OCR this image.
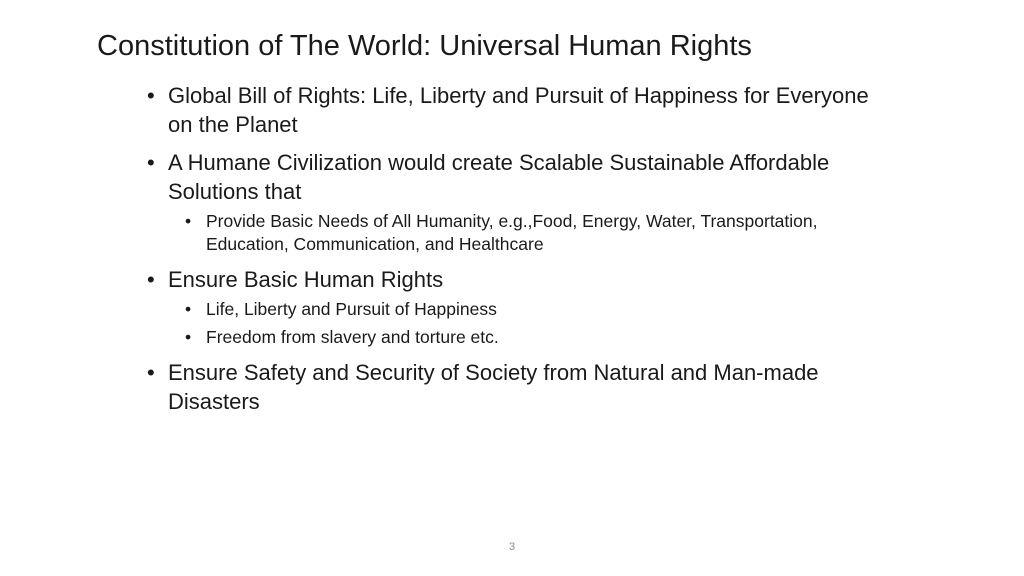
Constitution of The World: Universal Human Rights
• Global Bill of Rights: Life, Liberty and Pursuit of Happiness for Everyone on the Planet
• A Humane Civilization would create Scalable Sustainable Affordable Solutions that
• Provide Basic Needs of All Humanity, e.g.,Food, Energy, Water, Transportation, Education, Communication, and Healthcare
• Ensure Basic Human Rights
• Life, Liberty and Pursuit of Happiness
• Freedom from slavery and torture etc.
• Ensure Safety and Security of Society from Natural and Man-made Disasters
3
